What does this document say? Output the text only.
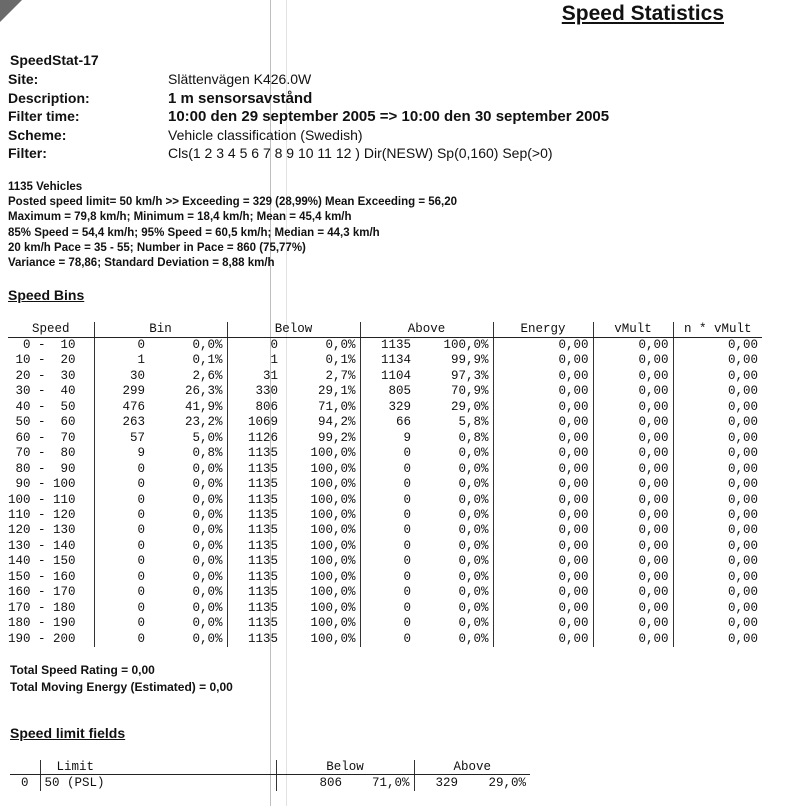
Speed Statistics
SpeedStat-17
Site:	Slättenvägen K426.0W
Description:	1 m sensorsavstånd
Filter time:	10:00 den 29 september 2005 => 10:00 den 30 september 2005
Scheme:	Vehicle classification (Swedish)
Filter:	Cls(1 2 3 4 5 6 7 8 9 10 11 12 ) Dir(NESW) Sp(0,160) Sep(>0)
1135 Vehicles
Posted speed limit= 50 km/h >> Exceeding = 329 (28,99%) Mean Exceeding = 56,20
Maximum = 79,8 km/h; Minimum = 18,4 km/h; Mean = 45,4 km/h
85% Speed = 54,4 km/h; 95% Speed = 60,5 km/h; Median = 44,3 km/h
20 km/h Pace = 35 - 55; Number in Pace = 860 (75,77%)
Variance = 78,86; Standard Deviation = 8,88 km/h
Speed Bins
Speed	Bin		Below		Above		Energy	vMult	n * vMult
0 -  10	0	0,0%	0	0,0%	1135	100,0%	0,00	0,00	0,00
10 -  20	1	0,1%	1	0,1%	1134	99,9%	0,00	0,00	0,00
20 -  30	30	2,6%	31	2,7%	1104	97,3%	0,00	0,00	0,00
30 -  40	299	26,3%	330	29,1%	805	70,9%	0,00	0,00	0,00
40 -  50	476	41,9%	806	71,0%	329	29,0%	0,00	0,00	0,00
50 -  60	263	23,2%	1069	94,2%	66	5,8%	0,00	0,00	0,00
60 -  70	57	5,0%	1126	99,2%	9	0,8%	0,00	0,00	0,00
70 -  80	9	0,8%	1135	100,0%	0	0,0%	0,00	0,00	0,00
80 -  90	0	0,0%	1135	100,0%	0	0,0%	0,00	0,00	0,00
90 - 100	0	0,0%	1135	100,0%	0	0,0%	0,00	0,00	0,00
100 - 110	0	0,0%	1135	100,0%	0	0,0%	0,00	0,00	0,00
110 - 120	0	0,0%	1135	100,0%	0	0,0%	0,00	0,00	0,00
120 - 130	0	0,0%	1135	100,0%	0	0,0%	0,00	0,00	0,00
130 - 140	0	0,0%	1135	100,0%	0	0,0%	0,00	0,00	0,00
140 - 150	0	0,0%	1135	100,0%	0	0,0%	0,00	0,00	0,00
150 - 160	0	0,0%	1135	100,0%	0	0,0%	0,00	0,00	0,00
160 - 170	0	0,0%	1135	100,0%	0	0,0%	0,00	0,00	0,00
170 - 180	0	0,0%	1135	100,0%	0	0,0%	0,00	0,00	0,00
180 - 190	0	0,0%	1135	100,0%	0	0,0%	0,00	0,00	0,00
190 - 200	0	0,0%	1135	100,0%	0	0,0%	0,00	0,00	0,00
Total Speed Rating = 0,00
Total Moving Energy (Estimated) = 0,00
Speed limit fields
	Limit	Below		Above	
0	50 (PSL)	806	71,0%	329	29,0%
